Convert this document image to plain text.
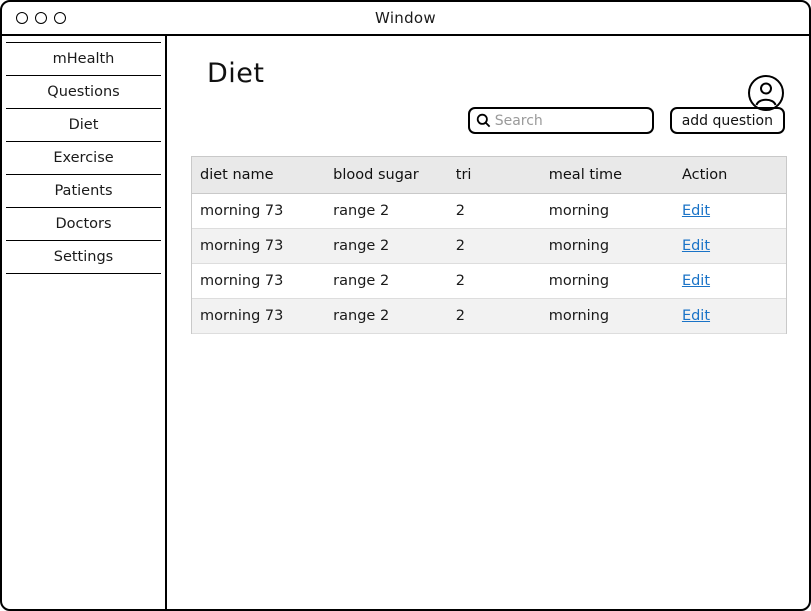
Window
mHealth
Questions
Diet
Exercise
Patients
Doctors
Settings
Diet
Search
add question
diet name	blood sugar	tri	meal time	Action
morning 73	range 2	2	morning	Edit
morning 73	range 2	2	morning	Edit
morning 73	range 2	2	morning	Edit
morning 73	range 2	2	morning	Edit
